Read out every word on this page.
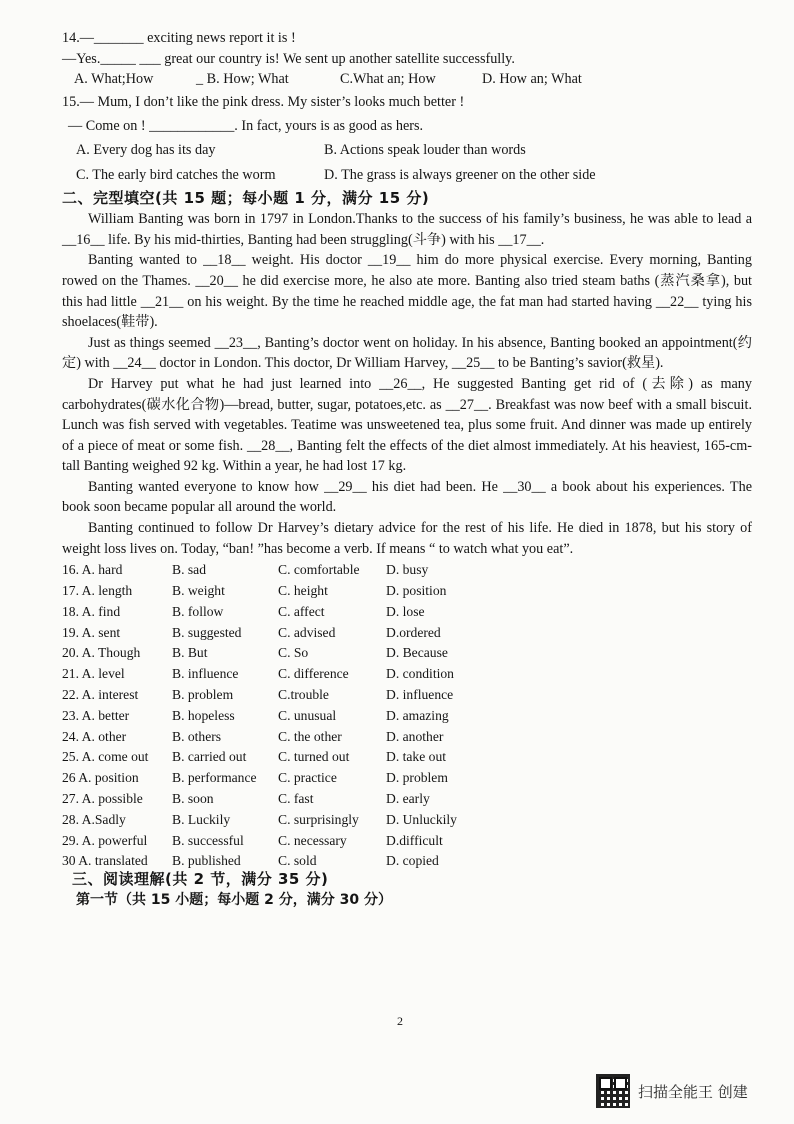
14.—_______ exciting news report it is !
—Yes._____ ___ great our country is! We sent up another satellite successfully.
A. What;How	_ B. How; What	C.What an; How	D. How an; What
15.— Mum, I don’t like the pink dress. My sister’s looks much better !
— Come on ! ____________. In fact, yours is as good as hers.
A. Every dog has its day	B. Actions speak louder than words
C. The early bird catches the worm	D. The grass is always greener on the other side
二、完型填空(共 15 题；每小题 1 分，满分 15 分)
William Banting was born in 1797 in London.Thanks to the success of his family’s business, he was able to lead a __16__ life. By his mid-thirties, Banting had been struggling(斗争) with his __17__.
Banting wanted to __18__ weight. His doctor __19__ him do more physical exercise. Every morning, Banting rowed on the Thames. __20__ he did exercise more, he also ate more. Banting also tried steam baths (蒸汽桑拿), but this had little __21__ on his weight. By the time he reached middle age, the fat man had started having __22__ tying his shoelaces(鞋带).
Just as things seemed __23__, Banting’s doctor went on holiday. In his absence, Banting booked an appointment(约定) with __24__ doctor in London. This doctor, Dr William Harvey, __25__ to be Banting’s savior(救星).
Dr Harvey put what he had just learned into __26__, He suggested Banting get rid of (去除) as many carbohydrates(碳水化合物)—bread, butter, sugar, potatoes,etc. as __27__. Breakfast was now beef with a small biscuit. Lunch was fish served with vegetables. Teatime was unsweetened tea, plus some fruit. And dinner was made up entirely of a piece of meat or some fish. __28__, Banting felt the effects of the diet almost immediately. At his heaviest, 165-cm-tall Banting weighed 92 kg. Within a year, he had lost 17 kg.
Banting wanted everyone to know how __29__ his diet had been. He __30__ a book about his experiences. The book soon became popular all around the world.
Banting continued to follow Dr Harvey’s dietary advice for the rest of his life. He died in 1878, but his story of weight loss lives on. Today, “ban! ”has become a verb. If means “ to watch what you eat”.
16. A. hard	B. sad	C. comfortable	D. busy
17. A. length	B. weight	C. height	D. position
18. A. find	B. follow	C. affect	D. lose
19. A. sent	B. suggested	C. advised	D.ordered
20. A. Though	B. But	C. So	D. Because
21. A. level	B. influence	C. difference	D. condition
22. A. interest	B. problem	C.trouble	D. influence
23. A. better	B. hopeless	C. unusual	D. amazing
24. A. other	B. others	C. the other	D. another
25. A. come out	B. carried out	C. turned out	D. take out
26 A. position	B. performance	C. practice	D. problem
27. A. possible	B. soon	C. fast	D. early
28. A.Sadly	B. Luckily	C. surprisingly	D. Unluckily
29. A. powerful	B. successful	C. necessary	D.difficult
30 A. translated	B. published	C. sold	D. copied
三、阅读理解(共 2 节，满分 35 分)
第一节（共 15 小题；每小题 2 分，满分 30 分）
2
扫描全能王 创建
